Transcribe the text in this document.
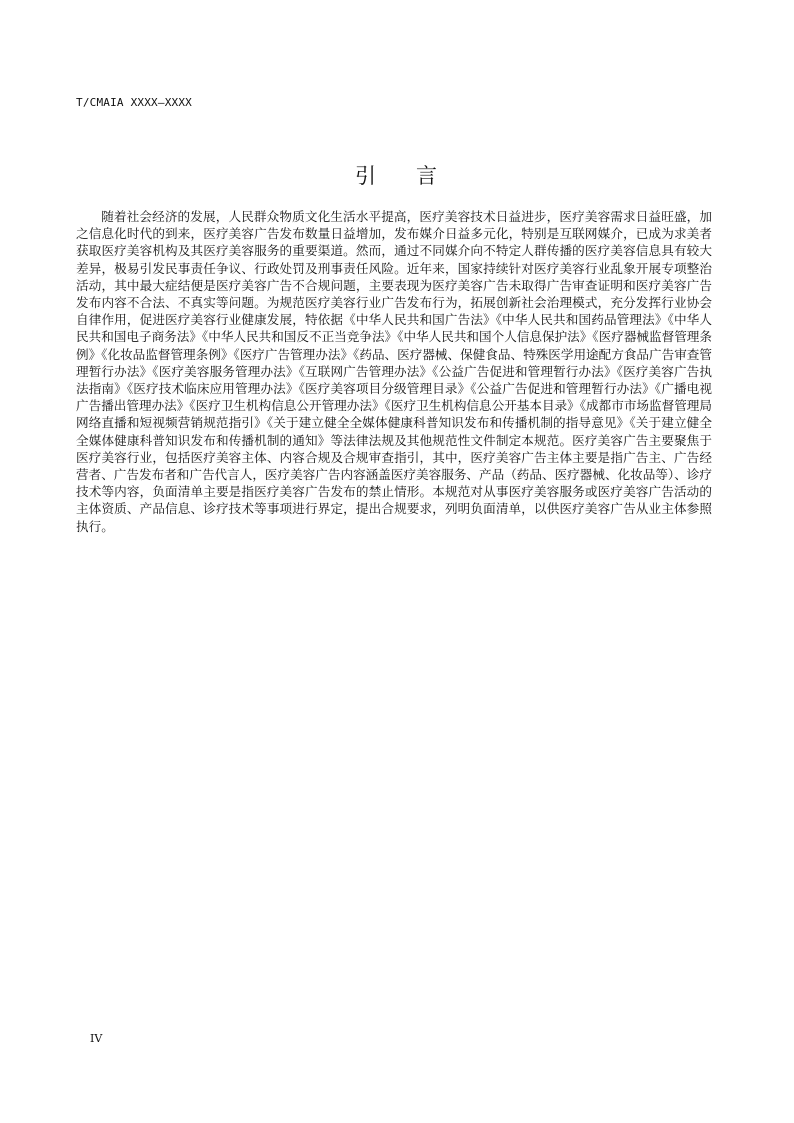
T/CMAIA XXXX—XXXX
引 言

随着社会经济的发展，人民群众物质文化生活水平提高，医疗美容技术日益进步，医疗美容需求日益旺盛，加之信息化时代的到来，医疗美容广告发布数量日益增加，发布媒介日益多元化，特别是互联网媒介，已成为求美者获取医疗美容机构及其医疗美容服务的重要渠道。然而，通过不同媒介向不特定人群传播的医疗美容信息具有较大差异，极易引发民事责任争议、行政处罚及刑事责任风险。近年来，国家持续针对医疗美容行业乱象开展专项整治活动，其中最大症结便是医疗美容广告不合规问题，主要表现为医疗美容广告未取得广告审查证明和医疗美容广告发布内容不合法、不真实等问题。为规范医疗美容行业广告发布行为，拓展创新社会治理模式，充分发挥行业协会自律作用，促进医疗美容行业健康发展，特依据《中华人民共和国广告法》《中华人民共和国药品管理法》《中华人民共和国电子商务法》《中华人民共和国反不正当竞争法》《中华人民共和国个人信息保护法》《医疗器械监督管理条例》《化妆品监督管理条例》《医疗广告管理办法》《药品、医疗器械、保健食品、特殊医学用途配方食品广告审查管理暂行办法》《医疗美容服务管理办法》《互联网广告管理办法》《公益广告促进和管理暂行办法》《医疗美容广告执法指南》《医疗技术临床应用管理办法》《医疗美容项目分级管理目录》《公益广告促进和管理暂行办法》《广播电视广告播出管理办法》《医疗卫生机构信息公开管理办法》《医疗卫生机构信息公开基本目录》《成都市市场监督管理局网络直播和短视频营销规范指引》《关于建立健全全媒体健康科普知识发布和传播机制的指导意见》《关于建立健全全媒体健康科普知识发布和传播机制的通知》等法律法规及其他规范性文件制定本规范。医疗美容广告主要聚焦于医疗美容行业，包括医疗美容主体、内容合规及合规审查指引，其中，医疗美容广告主体主要是指广告主、广告经营者、广告发布者和广告代言人，医疗美容广告内容涵盖医疗美容服务、产品（药品、医疗器械、化妆品等）、诊疗技术等内容，负面清单主要是指医疗美容广告发布的禁止情形。本规范对从事医疗美容服务或医疗美容广告活动的主体资质、产品信息、诊疗技术等事项进行界定，提出合规要求，列明负面清单，以供医疗美容广告从业主体参照执行。

IV
